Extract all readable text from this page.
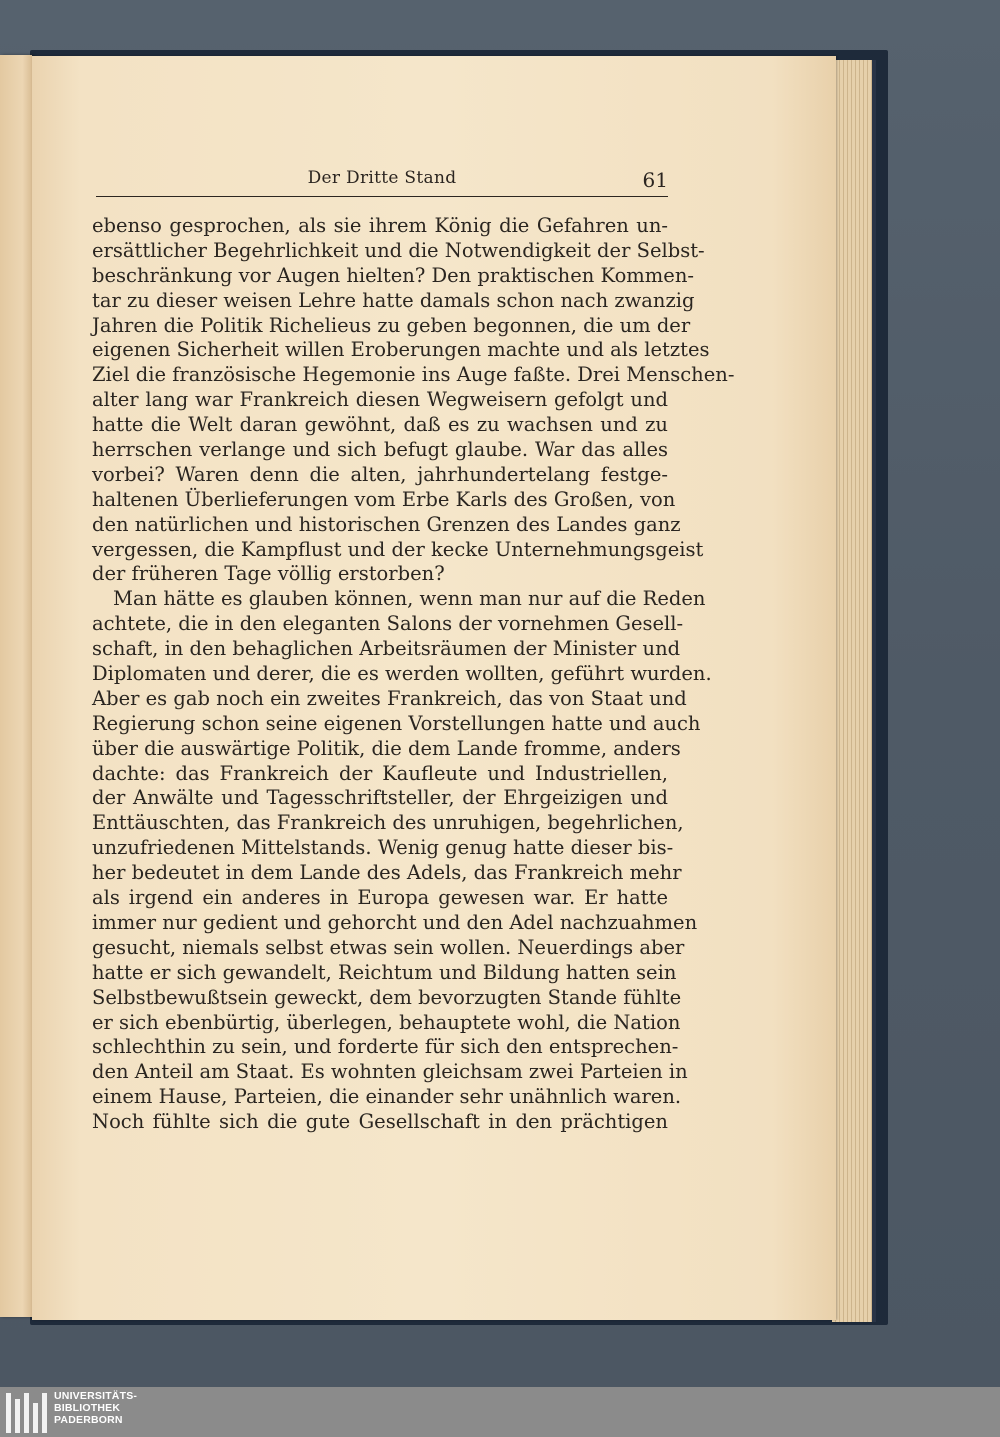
Der Dritte Stand	61
ebenso gesprochen, als sie ihrem König die Gefahren un-
ersättlicher Begehrlichkeit und die Notwendigkeit der Selbst-
beschränkung vor Augen hielten? Den praktischen Kommen-
tar zu dieser weisen Lehre hatte damals schon nach zwanzig
Jahren die Politik Richelieus zu geben begonnen, die um der
eigenen Sicherheit willen Eroberungen machte und als letztes
Ziel die französische Hegemonie ins Auge faßte. Drei Menschen-
alter lang war Frankreich diesen Wegweisern gefolgt und
hatte die Welt daran gewöhnt, daß es zu wachsen und zu
herrschen verlange und sich befugt glaube. War das alles
vorbei? Waren denn die alten, jahrhundertelang festge-
haltenen Überlieferungen vom Erbe Karls des Großen, von
den natürlichen und historischen Grenzen des Landes ganz
vergessen, die Kampflust und der kecke Unternehmungsgeist
der früheren Tage völlig erstorben?
Man hätte es glauben können, wenn man nur auf die Reden
achtete, die in den eleganten Salons der vornehmen Gesell-
schaft, in den behaglichen Arbeitsräumen der Minister und
Diplomaten und derer, die es werden wollten, geführt wurden.
Aber es gab noch ein zweites Frankreich, das von Staat und
Regierung schon seine eigenen Vorstellungen hatte und auch
über die auswärtige Politik, die dem Lande fromme, anders
dachte: das Frankreich der Kaufleute und Industriellen,
der Anwälte und Tagesschriftsteller, der Ehrgeizigen und
Enttäuschten, das Frankreich des unruhigen, begehrlichen,
unzufriedenen Mittelstands. Wenig genug hatte dieser bis-
her bedeutet in dem Lande des Adels, das Frankreich mehr
als irgend ein anderes in Europa gewesen war. Er hatte
immer nur gedient und gehorcht und den Adel nachzuahmen
gesucht, niemals selbst etwas sein wollen. Neuerdings aber
hatte er sich gewandelt, Reichtum und Bildung hatten sein
Selbstbewußtsein geweckt, dem bevorzugten Stande fühlte
er sich ebenbürtig, überlegen, behauptete wohl, die Nation
schlechthin zu sein, und forderte für sich den entsprechen-
den Anteil am Staat. Es wohnten gleichsam zwei Parteien in
einem Hause, Parteien, die einander sehr unähnlich waren.
Noch fühlte sich die gute Gesellschaft in den prächtigen
UNIVERSITÄTS-
BIBLIOTHEK
PADERBORN
